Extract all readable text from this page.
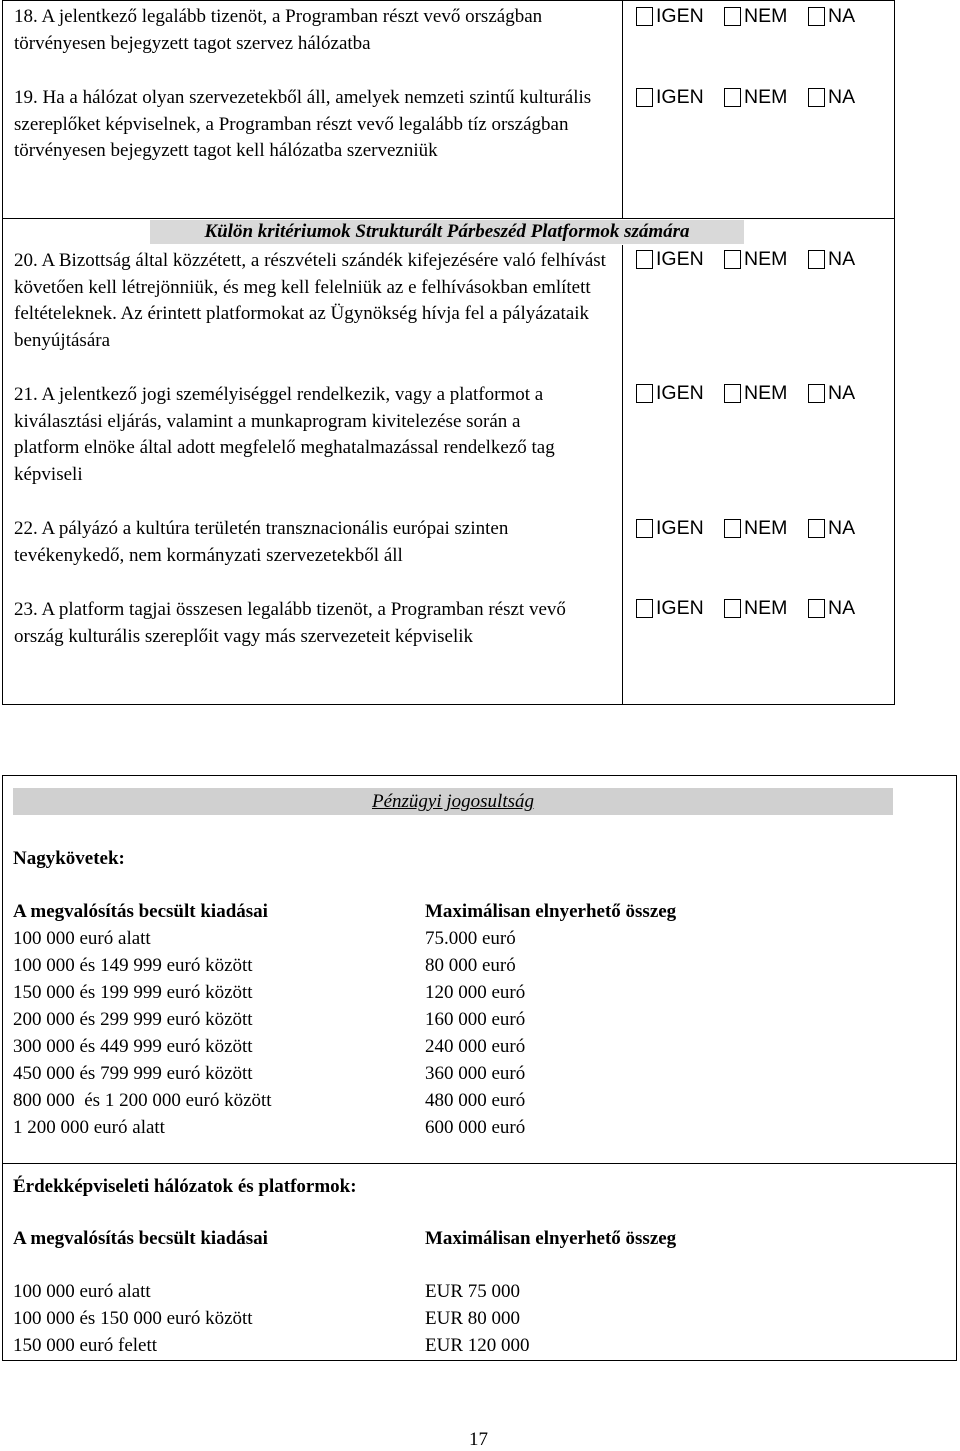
18. A jelentkező legalább tizenöt, a Programban részt vevő országban törvényesen bejegyzett tagot szervez hálózatba
IGEN NEM NA
19. Ha a hálózat olyan szervezetekből áll, amelyek nemzeti szintű kulturális szereplőket képviselnek, a Programban részt vevő legalább tíz országban törvényesen bejegyzett tagot kell hálózatba szervezniük
IGEN NEM NA
Külön kritériumok Strukturált Párbeszéd Platformok számára
20. A Bizottság által közzétett, a részvételi szándék kifejezésére való felhívást követően kell létrejönniük, és meg kell felelniük az e felhívásokban említett feltételeknek. Az érintett platformokat az Ügynökség hívja fel a pályázataik benyújtására
IGEN NEM NA
21. A jelentkező jogi személyiséggel rendelkezik, vagy a platformot a kiválasztási eljárás, valamint a munkaprogram kivitelezése során a platform elnöke által adott megfelelő meghatalmazással rendelkező tag képviseli
IGEN NEM NA
22. A pályázó a kultúra területén transznacionális európai szinten tevékenykedő, nem kormányzati szervezetekből áll
IGEN NEM NA
23. A platform tagjai összesen legalább tizenöt, a Programban részt vevő ország kulturális szereplőit vagy más szervezeteit képviselik
IGEN NEM NA
Pénzügyi jogosultság
Nagykövetek:
A megvalósítás becsült kiadásai	Maximálisan elnyerhető összeg
100 000 euró alatt	75.000 euró
100 000 és 149 999 euró között	80 000 euró
150 000 és 199 999 euró között	120 000 euró
200 000 és 299 999 euró között	160 000 euró
300 000 és 449 999 euró között	240 000 euró
450 000 és 799 999 euró között	360 000 euró
800 000  és 1 200 000 euró között	480 000 euró
1 200 000 euró alatt	600 000 euró
Érdekképviseleti hálózatok és platformok:
A megvalósítás becsült kiadásai	Maximálisan elnyerhető összeg
100 000 euró alatt	EUR 75 000
100 000 és 150 000 euró között	EUR 80 000
150 000 euró felett	EUR 120 000
17
